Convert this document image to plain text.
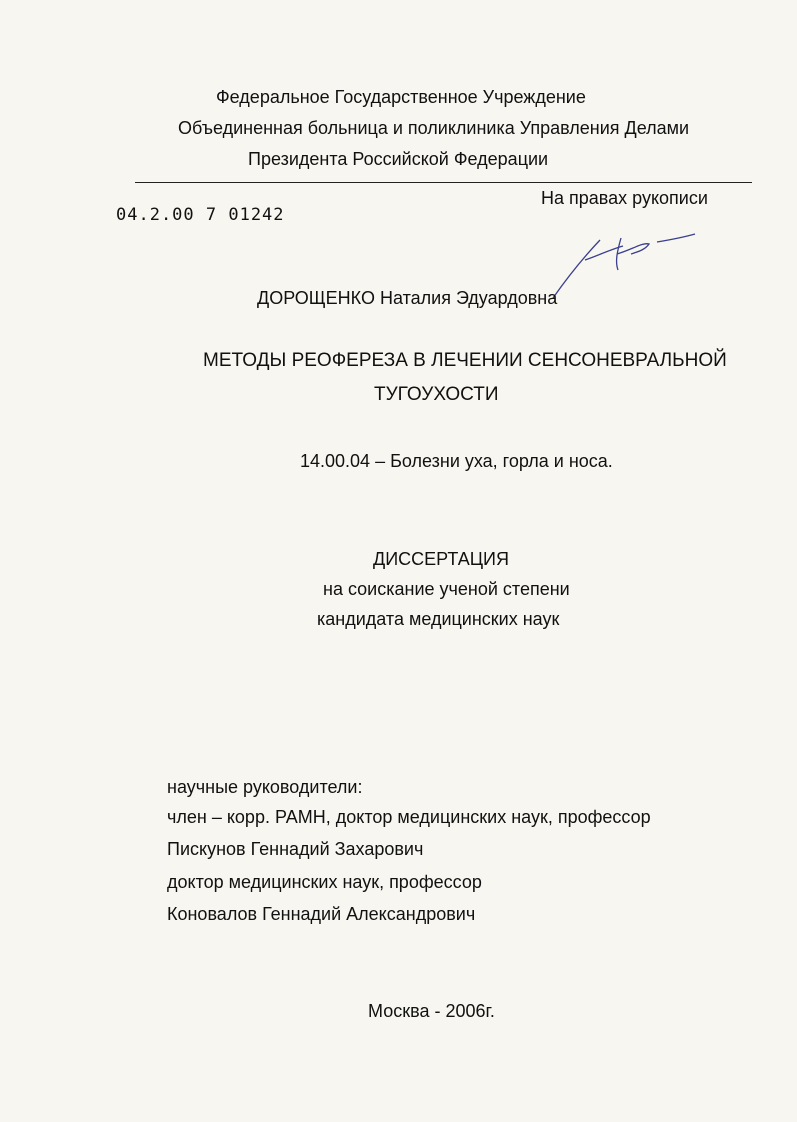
Федеральное Государственное Учреждение
Объединенная больница и поликлиника Управления Делами
Президента Российской Федерации
На правах рукописи
04.2.00 7 01242
ДОРОЩЕНКО Наталия Эдуардовна
МЕТОДЫ РЕОФЕРЕЗА В ЛЕЧЕНИИ СЕНСОНЕВРАЛЬНОЙ
ТУГОУХОСТИ
14.00.04 – Болезни уха, горла и носа.
ДИССЕРТАЦИЯ
на соискание ученой степени
кандидата медицинских наук
научные руководители:
член – корр. РАМН, доктор медицинских наук, профессор
Пискунов Геннадий Захарович
доктор медицинских наук, профессор
Коновалов Геннадий Александрович
Москва - 2006г.
